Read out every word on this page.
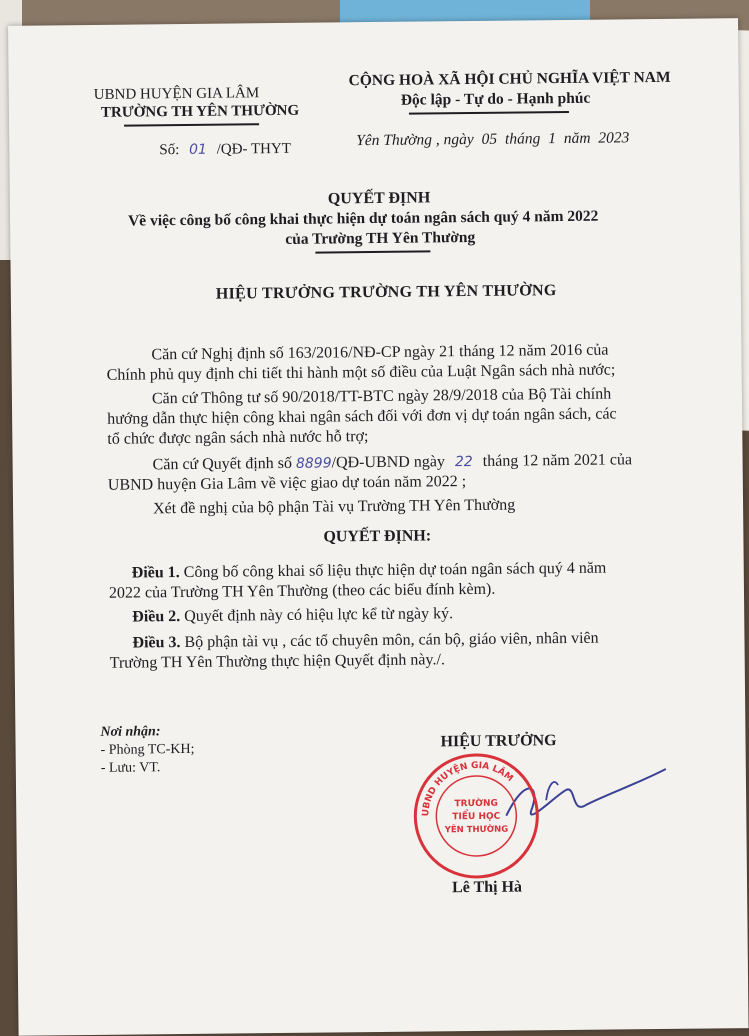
UBND HUYỆN GIA LÂM
TRƯỜNG TH YÊN THƯỜNG
Số: 01 /QĐ- THYT
CỘNG HOÀ XÃ HỘI CHỦ NGHĨA VIỆT NAM
Độc lập - Tự do - Hạnh phúc
Yên Thường , ngày 05 tháng 1 năm 2023
QUYẾT ĐỊNH
Về việc công bố công khai thực hiện dự toán ngân sách quý 4 năm 2022
của Trường TH Yên Thường
HIỆU TRƯỞNG TRƯỜNG TH YÊN THƯỜNG
Căn cứ Nghị định số 163/2016/NĐ-CP ngày 21 tháng 12 năm 2016 của
Chính phủ quy định chi tiết thi hành một số điều của Luật Ngân sách nhà nước;
Căn cứ Thông tư số 90/2018/TT-BTC ngày 28/9/2018 của Bộ Tài chính
hướng dẫn thực hiện công khai ngân sách đối với đơn vị dự toán ngân sách, các
tổ chức được ngân sách nhà nước hỗ trợ;
Căn cứ Quyết định số 8899/QĐ-UBND ngày 22 tháng 12 năm 2021 của
UBND huyện Gia Lâm về việc giao dự toán năm 2022 ;
Xét đề nghị của bộ phận Tài vụ Trường TH Yên Thường
QUYẾT ĐỊNH:
Điều 1. Công bố công khai số liệu thực hiện dự toán ngân sách quý 4 năm
2022 của Trường TH Yên Thường (theo các biểu đính kèm).
Điều 2. Quyết định này có hiệu lực kể từ ngày ký.
Điều 3. Bộ phận tài vụ , các tổ chuyên môn, cán bộ, giáo viên, nhân viên
Trường TH Yên Thường thực hiện Quyết định này./.
Nơi nhận:
- Phòng TC-KH;
- Lưu: VT.
HIỆU TRƯỞNG
Lê Thị Hà
UBND HUYỆN GIA LÂM
TRƯỜNG
TIỂU HỌC
YÊN THƯỜNG
